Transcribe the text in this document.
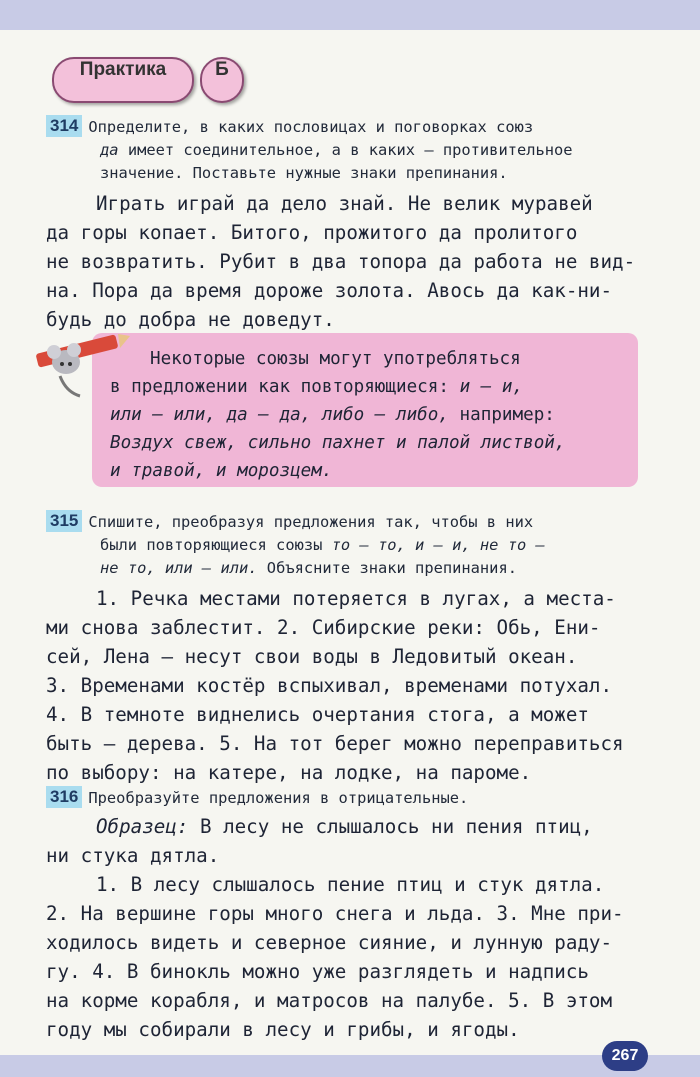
Практика	Б
314 Определите, в каких пословицах и поговорках союз
да имеет соединительное, а в каких — противительное
значение. Поставьте нужные знаки препинания.
Играть играй да дело знай. Не велик муравей
да горы копает. Битого, прожитого да пролитого
не возвратить. Рубит в два топора да работа не вид-
на. Пора да время дороже золота. Авось да как-ни-
будь до добра не доведут.
Некоторые союзы могут употребляться
в предложении как повторяющиеся: и — и,
или — или, да — да, либо — либо, например:
Воздух свеж, сильно пахнет и палой листвой,
и травой, и морозцем.
315 Спишите, преобразуя предложения так, чтобы в них
были повторяющиеся союзы то — то, и — и, не то —
не то, или — или. Объясните знаки препинания.
1. Речка местами потеряется в лугах, а места-
ми снова заблестит. 2. Сибирские реки: Обь, Ени-
сей, Лена — несут свои воды в Ледовитый океан.
3. Временами костёр вспыхивал, временами потухал.
4. В темноте виднелись очертания стога, а может
быть — дерева. 5. На тот берег можно переправиться
по выбору: на катере, на лодке, на пароме.
316 Преобразуйте предложения в отрицательные.
Образец: В лесу не слышалось ни пения птиц,
ни стука дятла.
1. В лесу слышалось пение птиц и стук дятла.
2. На вершине горы много снега и льда. 3. Мне при-
ходилось видеть и северное сияние, и лунную раду-
гу. 4. В бинокль можно уже разглядеть и надпись
на корме корабля, и матросов на палубе. 5. В этом
году мы собирали в лесу и грибы, и ягоды.
267
